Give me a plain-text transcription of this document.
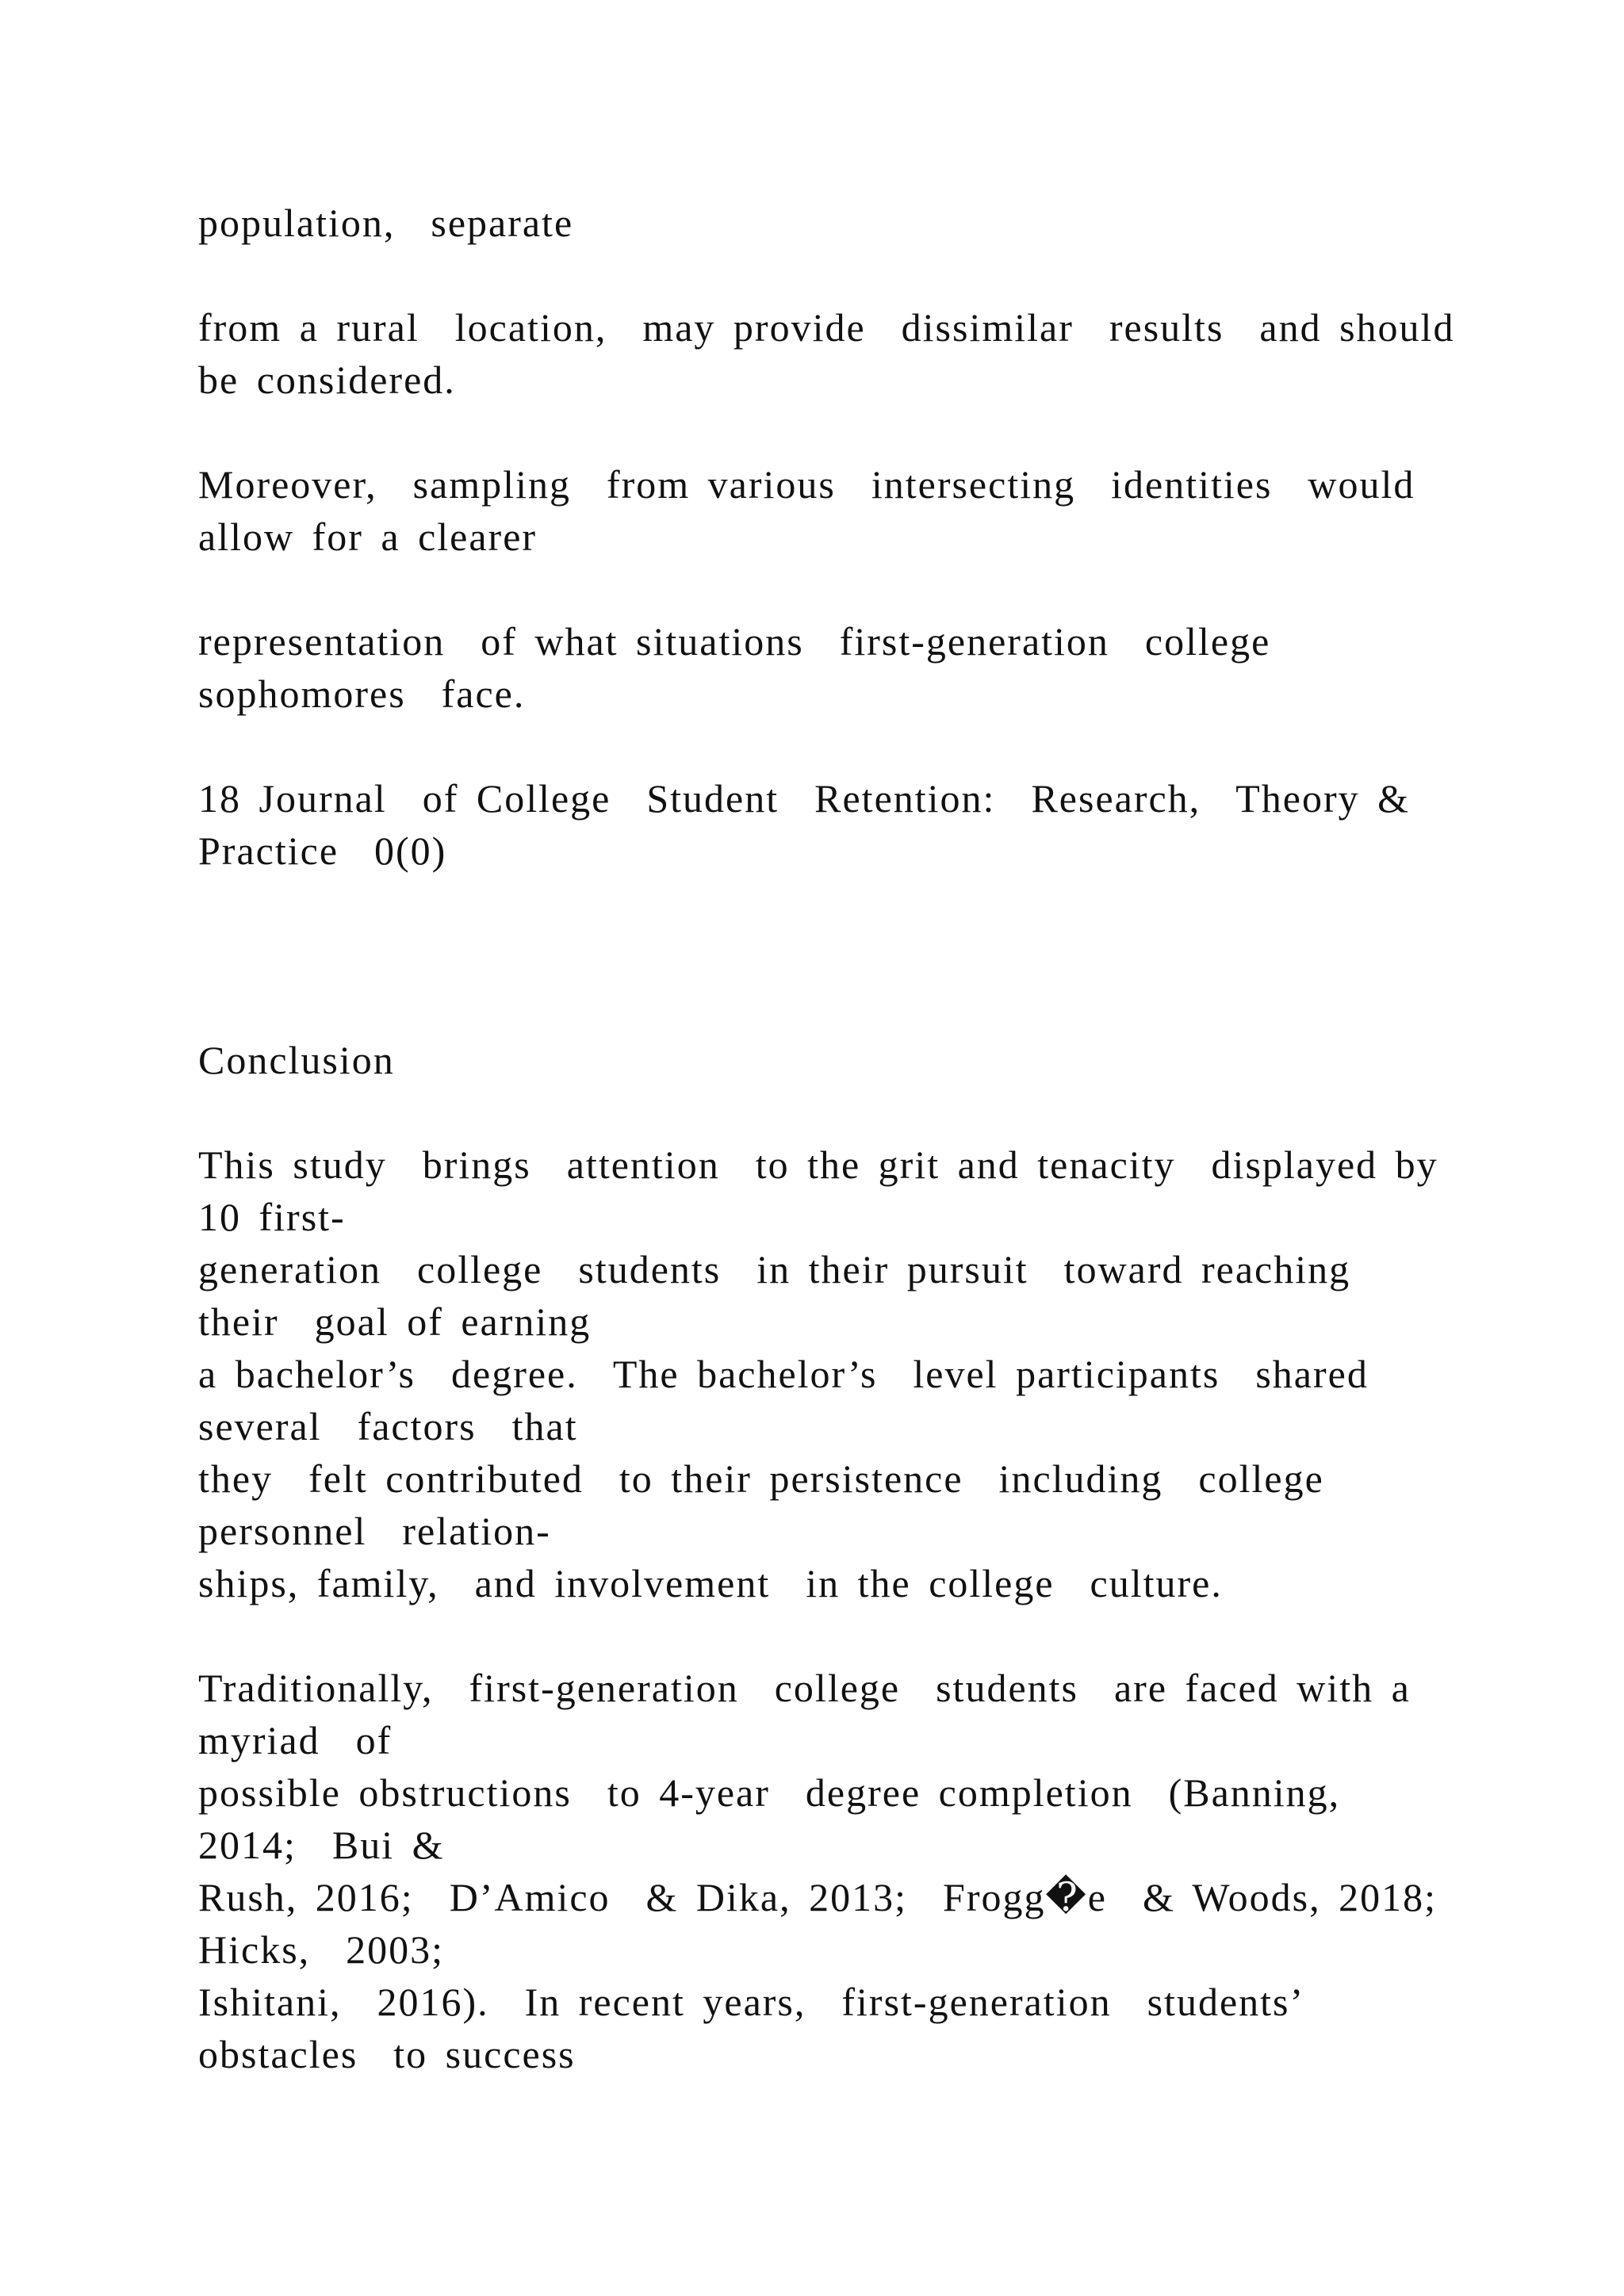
population,  separate

from a rural  location,  may provide  dissimilar  results  and should
be considered.

Moreover,  sampling  from various  intersecting  identities  would
allow for a clearer

representation  of what situations  first-generation  college
sophomores  face.

18 Journal  of College  Student  Retention:  Research,  Theory &
Practice  0(0)

Conclusion

This study  brings  attention  to the grit and tenacity  displayed by
10 first-
generation  college  students  in their pursuit  toward reaching
their  goal of earning
a bachelor’s  degree.  The bachelor’s  level participants  shared
several  factors  that
they  felt contributed  to their persistence  including  college
personnel  relation-
ships, family,  and involvement  in the college  culture.

Traditionally,  first-generation  college  students  are faced with a
myriad  of
possible obstructions  to 4-year  degree completion  (Banning,
2014;  Bui &
Rush, 2016;  D’Amico  & Dika, 2013;  Frogg�e  & Woods, 2018;
Hicks,  2003;
Ishitani,  2016).  In recent years,  first-generation  students’
obstacles  to success
